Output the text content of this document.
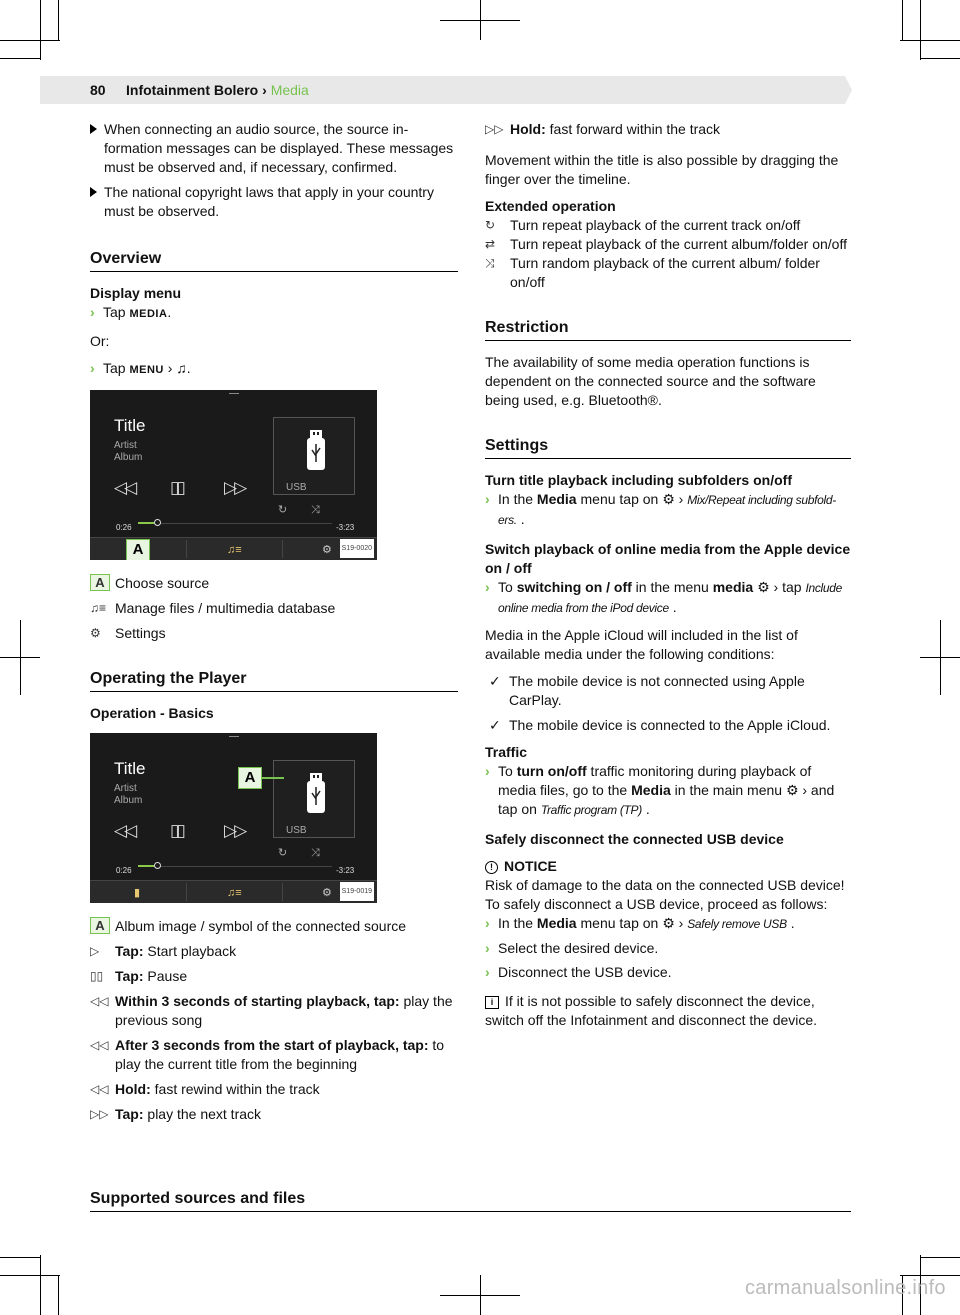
80 Infotainment Bolero › Media
When connecting an audio source, the source information messages can be displayed. These messages must be observed and, if necessary, confirmed.
The national copyright laws that apply in your country must be observed.
Overview
Display menu
› Tap MEDIA.

Or:

› Tap MENU › ♫.
Title
Artist
Album
◁◁ ▯▯ ▷▷	USB
↻ ⤨
0:26	-3:23
♫≡	⚙
A	S19-0020
A Choose source
♫≡ Manage files / multimedia database
⚙	Settings
Operating the Player
Operation - Basics
Title
Artist
Album
◁◁ ▯▯ ▷▷	USB
A
↻ ⤨
0:26	-3:23
▮	♫≡	⚙ S19-0019
A Album image / symbol of the connected source
▷	Tap: Start playback
▯▯ Tap: Pause
◁◁ Within 3 seconds of starting playback, tap: play the previous song
◁◁ After 3 seconds from the start of playback, tap: to play the current title from the beginning
◁◁ Hold: fast rewind within the track
▷▷ Tap: play the next track
▷▷ Hold: fast forward within the track

Movement within the title is also possible by dragging the finger over the timeline.

Extended operation
↻	Turn repeat playback of the current track on/off
⇄	Turn repeat playback of the current album/folder on/off
⤨	Turn random playback of the current album/ folder on/off
Restriction

The availability of some media operation functions is dependent on the connected source and the software being used, e.g. Bluetooth®.

Settings
Turn title playback including subfolders on/off
› In the Media menu tap on ⚙ › Mix/Repeat including subfolders. .
Switch playback of online media from the Apple device on / off
› To switching on / off in the menu media ⚙ › tap Include online media from the iPod device .

Media in the Apple iCloud will included in the list of available media under the following conditions:

✓ The mobile device is not connected using Apple CarPlay.
✓ The mobile device is connected to the Apple iCloud.
Traffic
› To turn on/off traffic monitoring during playback of media files, go to the Media in the main menu ⚙ › and tap on Traffic program (TP) .
Safely disconnect the connected USB device
! NOTICE
Risk of damage to the data on the connected USB device!
To safely disconnect a USB device, proceed as follows:
› In the Media menu tap on ⚙ › Safely remove USB .
› Select the desired device.
› Disconnect the USB device.

i If it is not possible to safely disconnect the device, switch off the Infotainment and disconnect the device.

Supported sources and files
carmanualsonline.info
